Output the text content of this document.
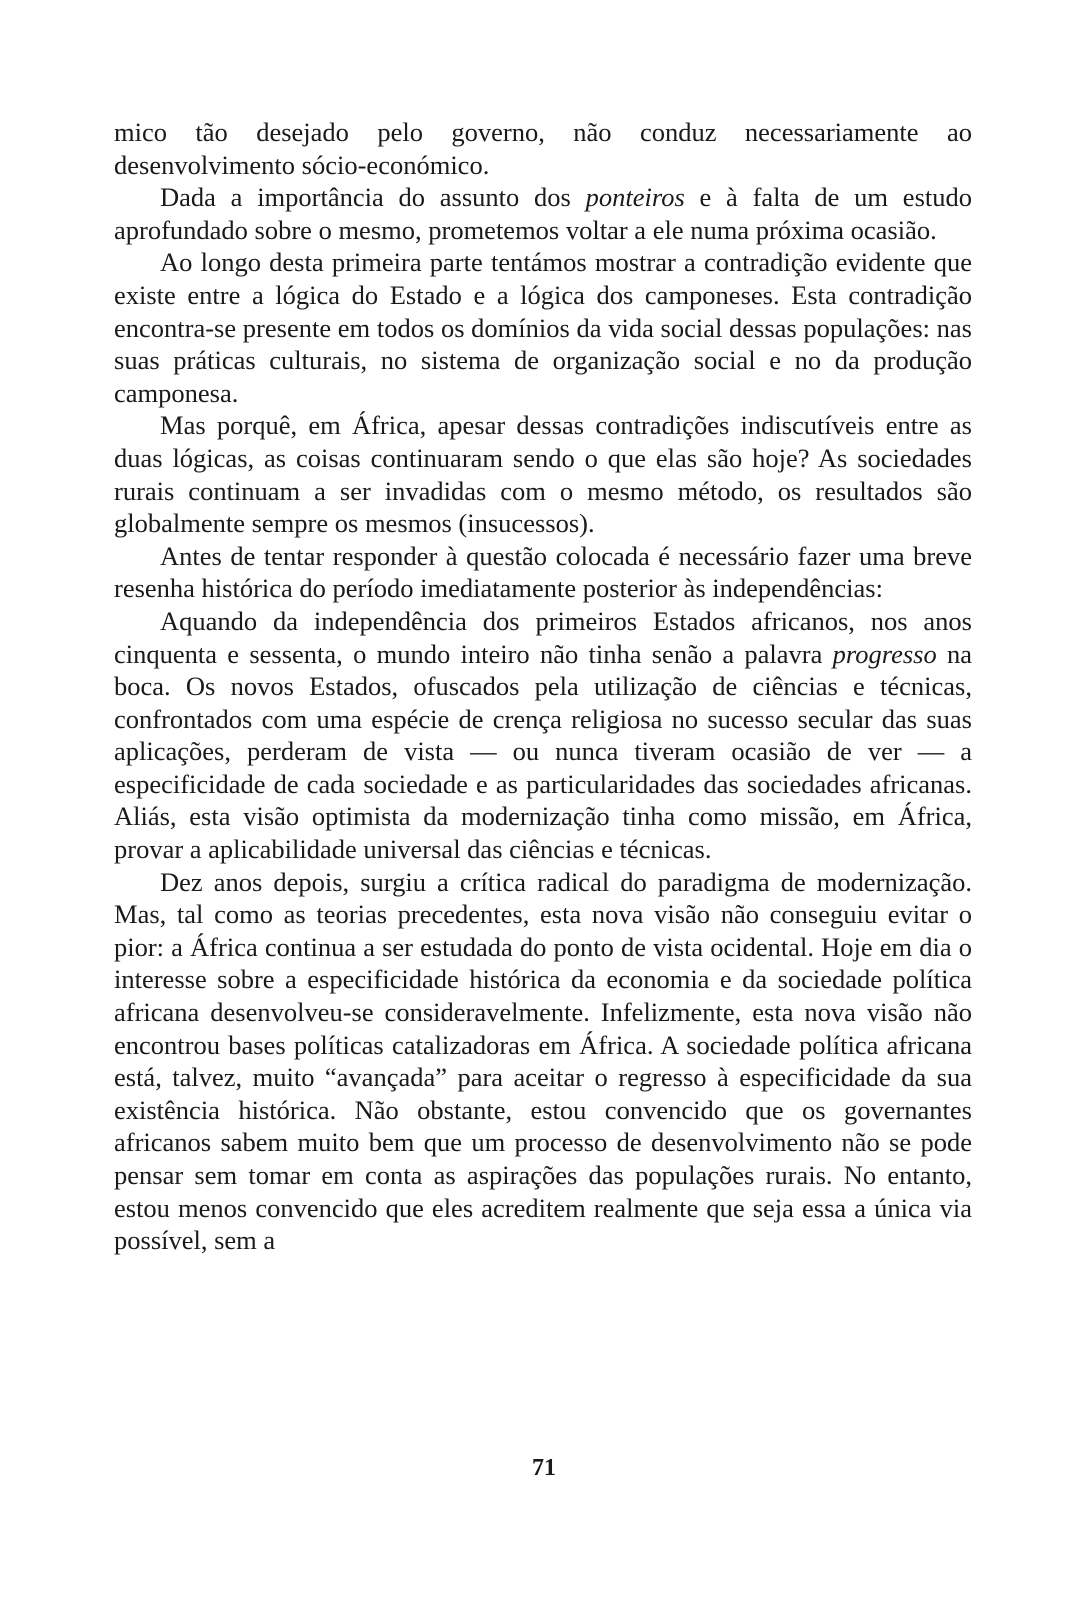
mico tão desejado pelo governo, não conduz necessariamente ao desenvolvimento sócio-económico.

Dada a importância do assunto dos ponteiros e à falta de um estudo aprofundado sobre o mesmo, prometemos voltar a ele numa próxima ocasião.

Ao longo desta primeira parte tentámos mostrar a contradição evidente que existe entre a lógica do Estado e a lógica dos camponeses. Esta contradição encontra-se presente em todos os domínios da vida social dessas populações: nas suas práticas culturais, no sistema de organização social e no da produção camponesa.

Mas porquê, em África, apesar dessas contradições indiscutíveis entre as duas lógicas, as coisas continuaram sendo o que elas são hoje? As sociedades rurais continuam a ser invadidas com o mesmo método, os resultados são globalmente sempre os mesmos (insucessos).

Antes de tentar responder à questão colocada é necessário fazer uma breve resenha histórica do período imediatamente posterior às independências:

Aquando da independência dos primeiros Estados africanos, nos anos cinquenta e sessenta, o mundo inteiro não tinha senão a palavra progresso na boca. Os novos Estados, ofuscados pela utilização de ciências e técnicas, confrontados com uma espécie de crença religiosa no sucesso secular das suas aplicações, perderam de vista — ou nunca tiveram ocasião de ver — a especificidade de cada sociedade e as particularidades das sociedades africanas. Aliás, esta visão optimista da modernização tinha como missão, em África, provar a aplicabilidade universal das ciências e técnicas.

Dez anos depois, surgiu a crítica radical do paradigma de modernização. Mas, tal como as teorias precedentes, esta nova visão não conseguiu evitar o pior: a África continua a ser estudada do ponto de vista ocidental. Hoje em dia o interesse sobre a especificidade histórica da economia e da sociedade política africana desenvolveu-se consideravelmente. Infelizmente, esta nova visão não encontrou bases políticas catalizadoras em África. A sociedade política africana está, talvez, muito “avançada” para aceitar o regresso à especificidade da sua existência histórica. Não obstante, estou convencido que os governantes africanos sabem muito bem que um processo de desenvolvimento não se pode pensar sem tomar em conta as aspirações das populações rurais. No entanto, estou menos convencido que eles acreditem realmente que seja essa a única via possível, sem a

71
